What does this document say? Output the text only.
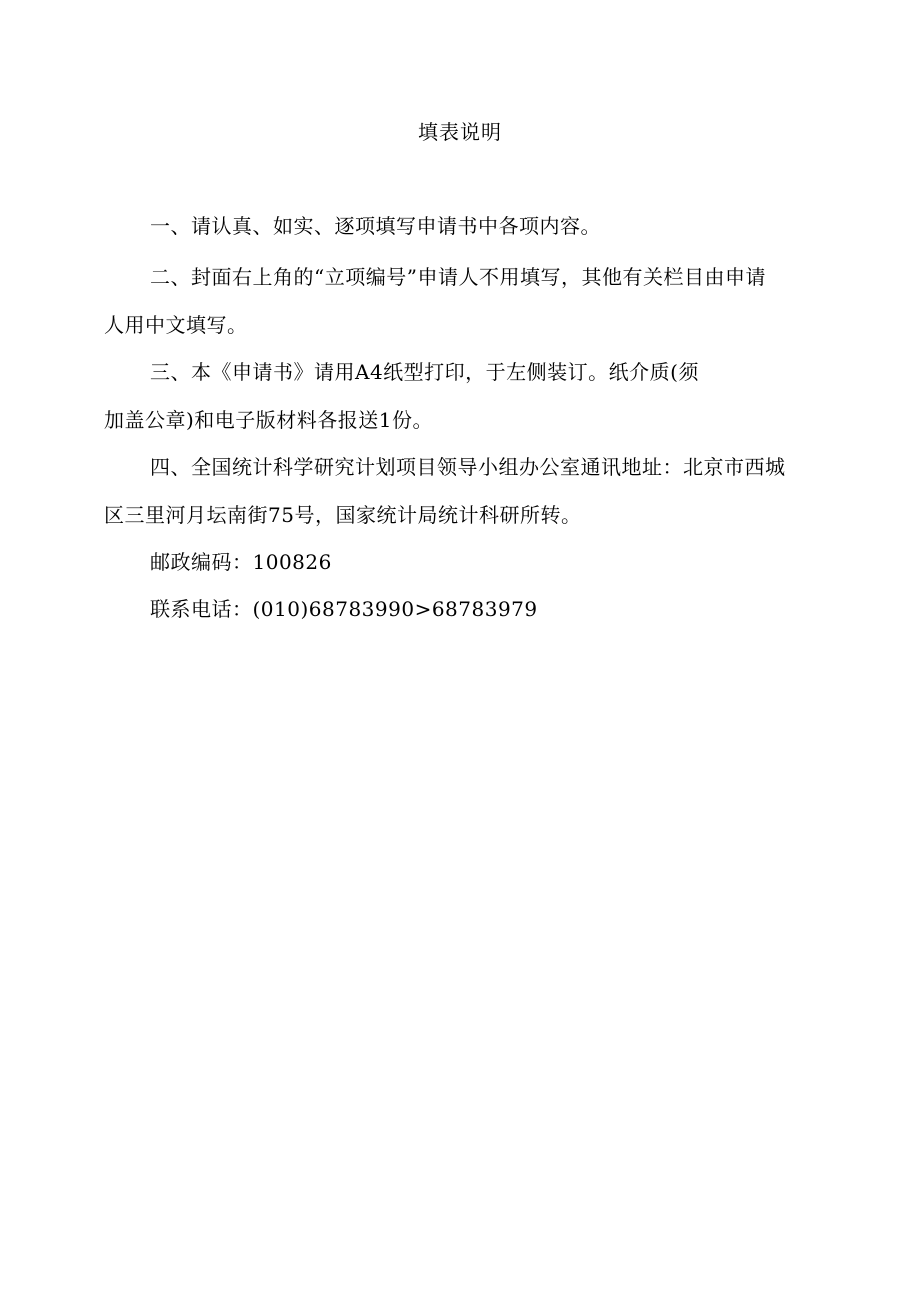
填表说明
一、请认真、如实、逐项填写申请书中各项内容。
二、封面右上角的“立项编号”申请人不用填写，其他有关栏目由申请
人用中文填写。
三、本《申请书》请用A4纸型打印，于左侧装订。纸介质(须
加盖公章)和电子版材料各报送1份。
四、全国统计科学研究计划项目领导小组办公室通讯地址：北京市西城
区三里河月坛南街75号，国家统计局统计科研所转。
邮政编码：100826
联系电话：(010)68783990>68783979
